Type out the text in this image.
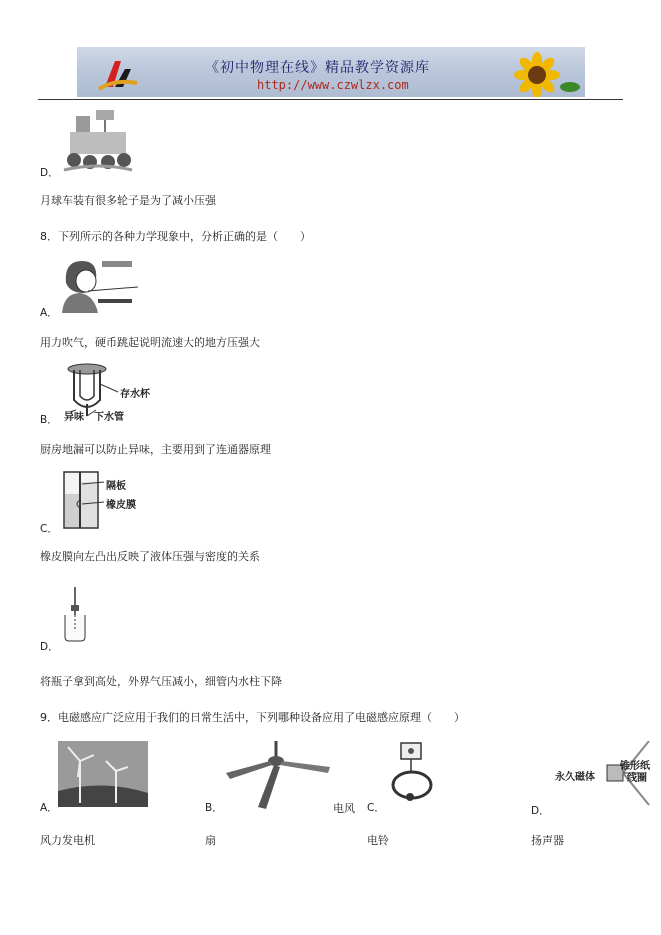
《初中物理在线》精品教学资源库
http://www.czwlzx.com
D．
月球车装有很多轮子是为了减小压强
8．下列所示的各种力学现象中，分析正确的是（　　）
A．
用力吹气，硬币跳起说明流速大的地方压强大
存水杯
异味 下水管
B．
厨房地漏可以防止异味，主要用到了连通器原理
隔板
橡皮膜
C．
橡皮膜向左凸出反映了液体压强与密度的关系
D．
将瓶子拿到高处，外界气压减小，细管内水柱下降
9．电磁感应广泛应用于我们的日常生活中，下列哪种设备应用了电磁感应原理（　　）
A．
风力发电机
B．	电风
扇
C．
电铃
锥形纸
永久磁体	线圈
D．
扬声器
